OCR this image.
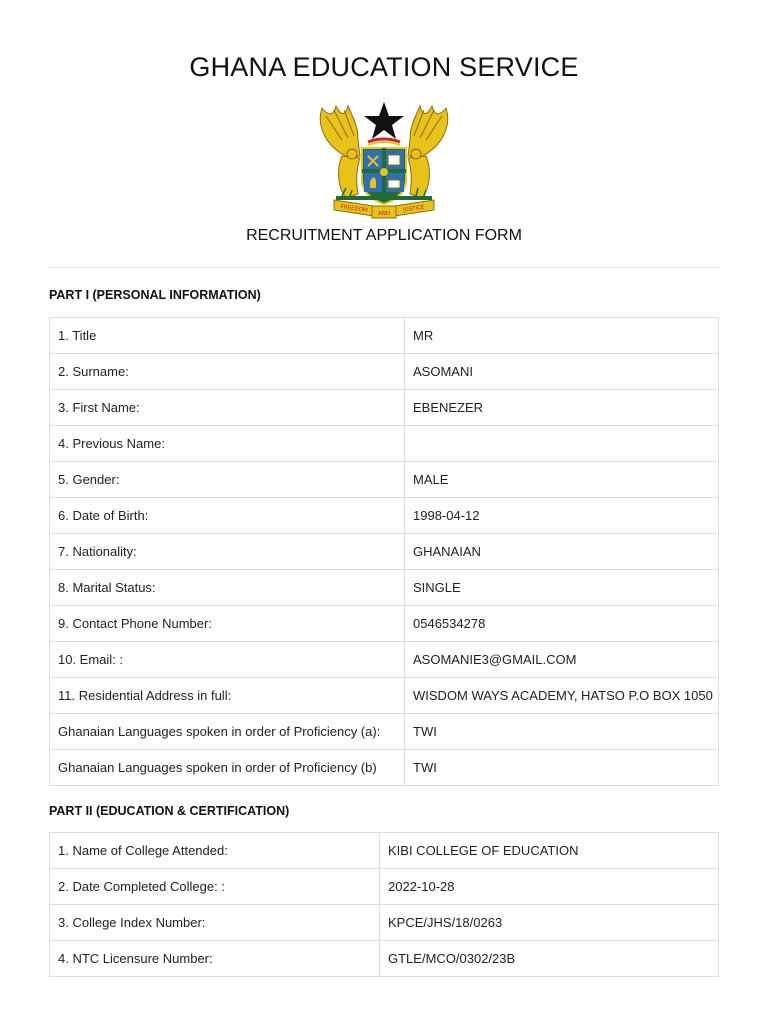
GHANA EDUCATION SERVICE
FREEDOM
AND
JUSTICE
RECRUITMENT APPLICATION FORM
PART I (PERSONAL INFORMATION)
1. Title	MR
2. Surname:	ASOMANI
3. First Name:	EBENEZER
4. Previous Name:	
5. Gender:	MALE
6. Date of Birth:	1998-04-12
7. Nationality:	GHANAIAN
8. Marital Status:	SINGLE
9. Contact Phone Number:	0546534278
10. Email: :	ASOMANIE3@GMAIL.COM
11. Residential Address in full:	WISDOM WAYS ACADEMY, HATSO P.O BOX 1050
Ghanaian Languages spoken in order of Proficiency (a):	TWI
Ghanaian Languages spoken in order of Proficiency (b)	TWI
PART II (EDUCATION & CERTIFICATION)
1. Name of College Attended:	KIBI COLLEGE OF EDUCATION
2. Date Completed College: :	2022-10-28
3. College Index Number:	KPCE/JHS/18/0263
4. NTC Licensure Number:	GTLE/MCO/0302/23B
